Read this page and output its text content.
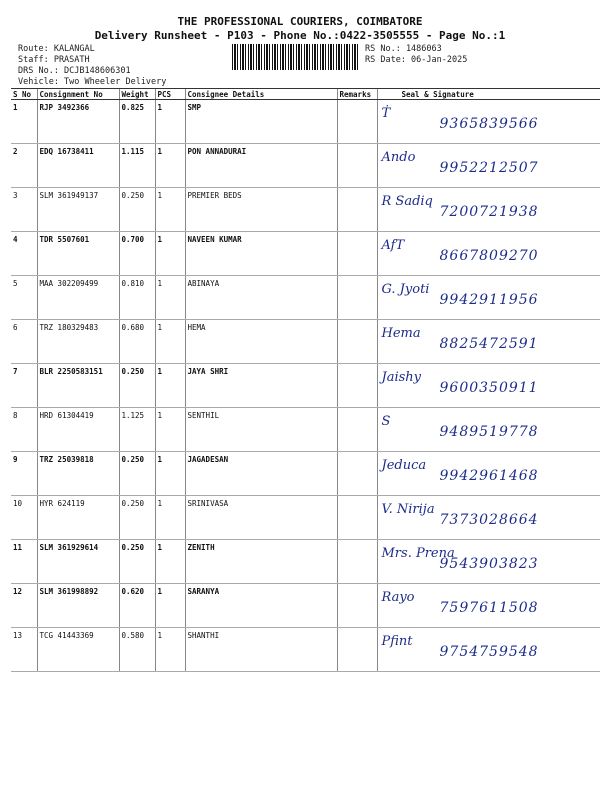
THE PROFESSIONAL COURIERS, COIMBATORE
Delivery Runsheet - P103 - Phone No.:0422-3505555 - Page No.:1
Route: KALANGAL
Staff: PRASATH
DRS No.: DCJB148606301
Vehicle: Two Wheeler Delivery
RS No.: 1486063
RS Date: 06-Jan-2025
S No	Consignment No	Weight	PCS	Consignee Details	Remarks	Seal & Signature
1	RJP 3492366	0.825	1	SMP		Ṫ
9365839566

2	EDQ 16738411	1.115	1	PON ANNADURAI		Ando
9952212507

3	SLM 361949137	0.250	1	PREMIER BEDS		R Sadiq
7200721938

4	TDR 5507601	0.700	1	NAVEEN KUMAR		AfT
8667809270

5	MAA 302209499	0.810	1	ABINAYA		G. Jyoti
9942911956

6	TRZ 180329483	0.680	1	HEMA		Hema
8825472591

7	BLR 2250583151	0.250	1	JAYA SHRI		Jaishy
9600350911

8	HRD 61304419	1.125	1	SENTHIL		S
9489519778

9	TRZ 25039818	0.250	1	JAGADESAN		Jeduca
9942961468

10	HYR 624119	0.250	1	SRINIVASA		V. Nirija
7373028664

11	SLM 361929614	0.250	1	ZENITH		Mrs. Prena
9543903823

12	SLM 361998892	0.620	1	SARANYA		Rayo
7597611508

13	TCG 41443369	0.580	1	SHANTHI		Pfint
9754759548
